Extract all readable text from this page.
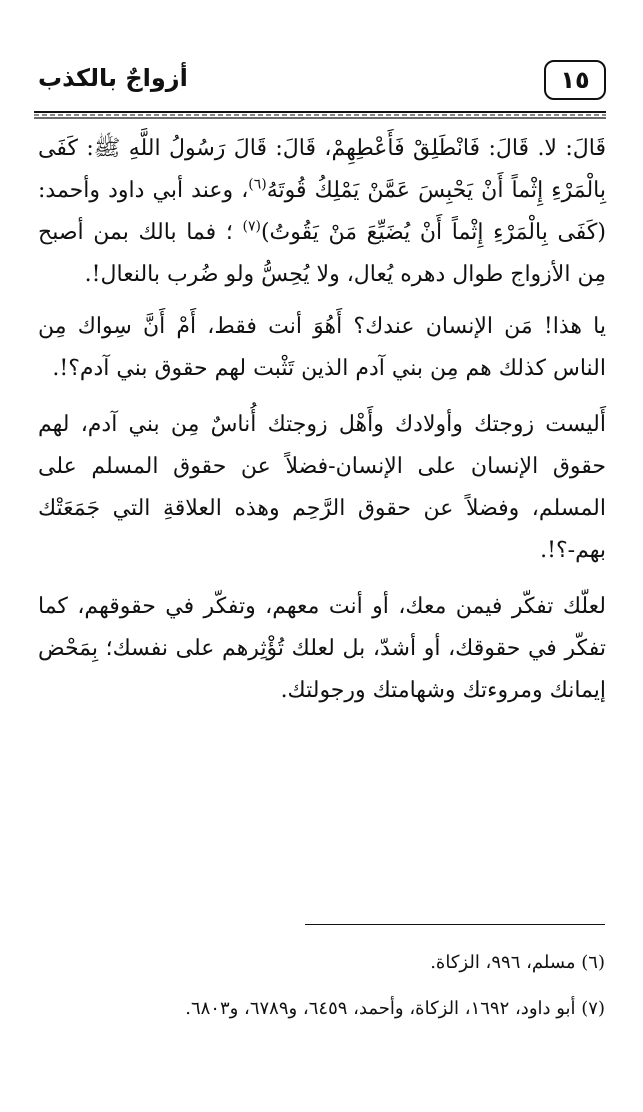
١٥
أزواجٌ بالكذب

قَالَ: لا. قَالَ: فَانْطَلِقْ فَأَعْطِهِمْ، قَالَ: قَالَ رَسُولُ اللَّهِ ﷺ: كَفَى بِالْمَرْءِ إِثْماً أَنْ يَحْبِسَ عَمَّنْ يَمْلِكُ قُوتَهُ$^{(٦)}$، وعند أبي داود وأحمد: (كَفَى بِالْمَرْءِ إِثْماً أَنْ يُضَيِّعَ مَنْ يَقُوتُ)$^{(٧)}$ ؛ فما بالك بمن أصبح مِن الأزواج طوال دهره يُعال، ولا يُحِسُّ ولو ضُرب بالنعال!.

يا هذا! مَن الإنسان عندك؟ أَهُوَ أنت فقط، أَمْ أَنَّ سِواك مِن الناس كذلك هم مِن بني آدم الذين تَثْبت لهم حقوق بني آدم؟!.

أَليست زوجتك وأولادك وأَهْل زوجتك أُناسٌ مِن بني آدم، لهم حقوق الإنسان على الإنسان-فضلاً عن حقوق المسلم على المسلم، وفضلاً عن حقوق الرَّحِم وهذه العلاقةِ التي جَمَعَتْك بهم-؟!.

لعلّك تفكّر فيمن معك، أو أنت معهم، وتفكّر في حقوقهم، كما تفكّر في حقوقك، أو أشدّ، بل لعلك تُؤْثِرهم على نفسك؛ بِمَحْض إيمانك ومروءتك وشهامتك ورجولتك.

(٦) مسلم، ٩٩٦، الزكاة.

(٧) أبو داود، ١٦٩٢، الزكاة، وأحمد، ٦٤٥٩، و٦٧٨٩، و٦٨٠٣.
